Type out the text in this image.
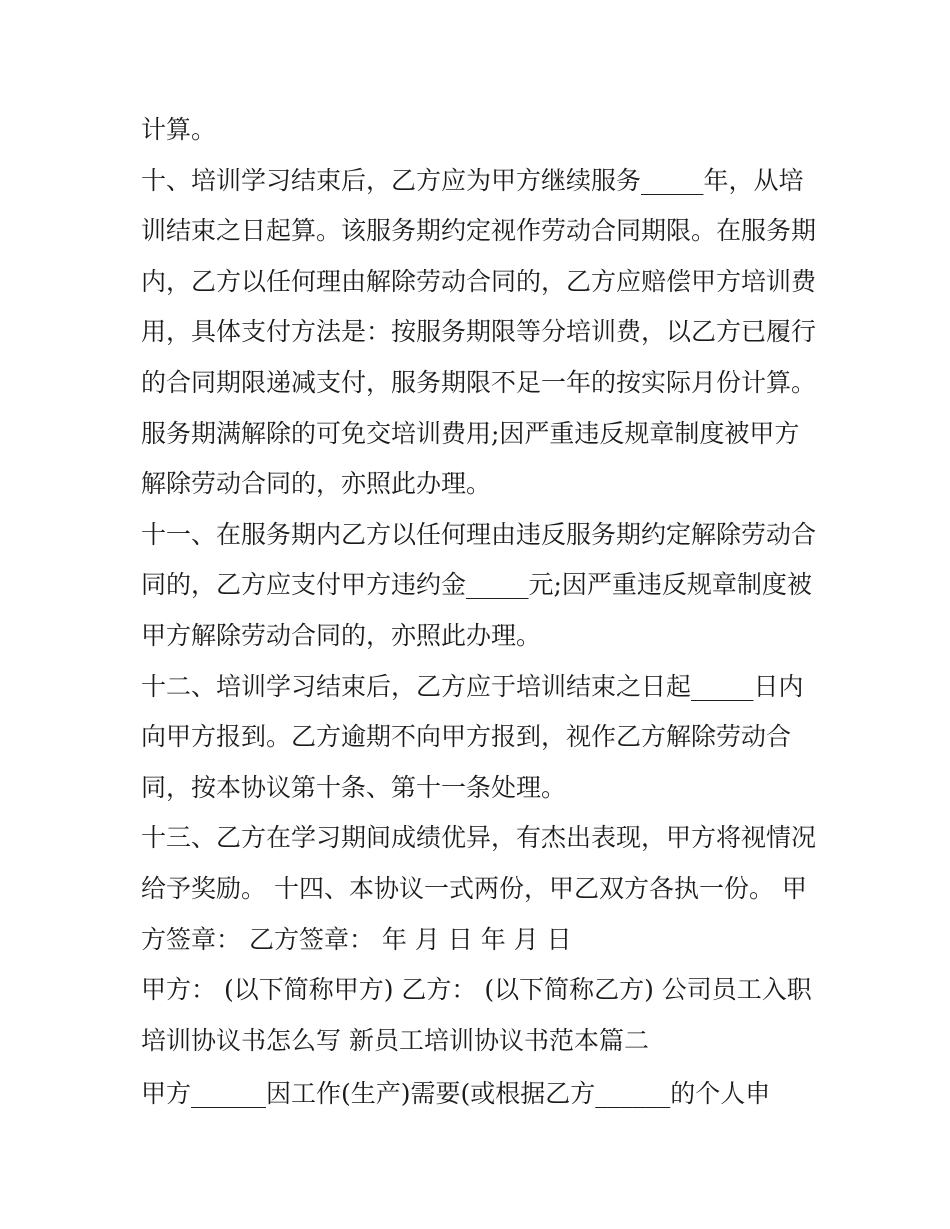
计算。
十、培训学习结束后，乙方应为甲方继续服务_____年，从培
训结束之日起算。该服务期约定视作劳动合同期限。在服务期
内，乙方以任何理由解除劳动合同的，乙方应赔偿甲方培训费
用，具体支付方法是：按服务期限等分培训费，以乙方已履行
的合同期限递减支付，服务期限不足一年的按实际月份计算。
服务期满解除的可免交培训费用;因严重违反规章制度被甲方
解除劳动合同的，亦照此办理。
十一、在服务期内乙方以任何理由违反服务期约定解除劳动合
同的，乙方应支付甲方违约金_____元;因严重违反规章制度被
甲方解除劳动合同的，亦照此办理。
十二、培训学习结束后，乙方应于培训结束之日起_____日内
向甲方报到。乙方逾期不向甲方报到，视作乙方解除劳动合
同，按本协议第十条、第十一条处理。
十三、乙方在学习期间成绩优异，有杰出表现，甲方将视情况
给予奖励。 十四、本协议一式两份，甲乙双方各执一份。 甲
方签章： 乙方签章： 年 月 日 年 月 日
甲方： (以下简称甲方) 乙方： (以下简称乙方) 公司员工入职
培训协议书怎么写 新员工培训协议书范本篇二
甲方______因工作(生产)需要(或根据乙方______的个人申
